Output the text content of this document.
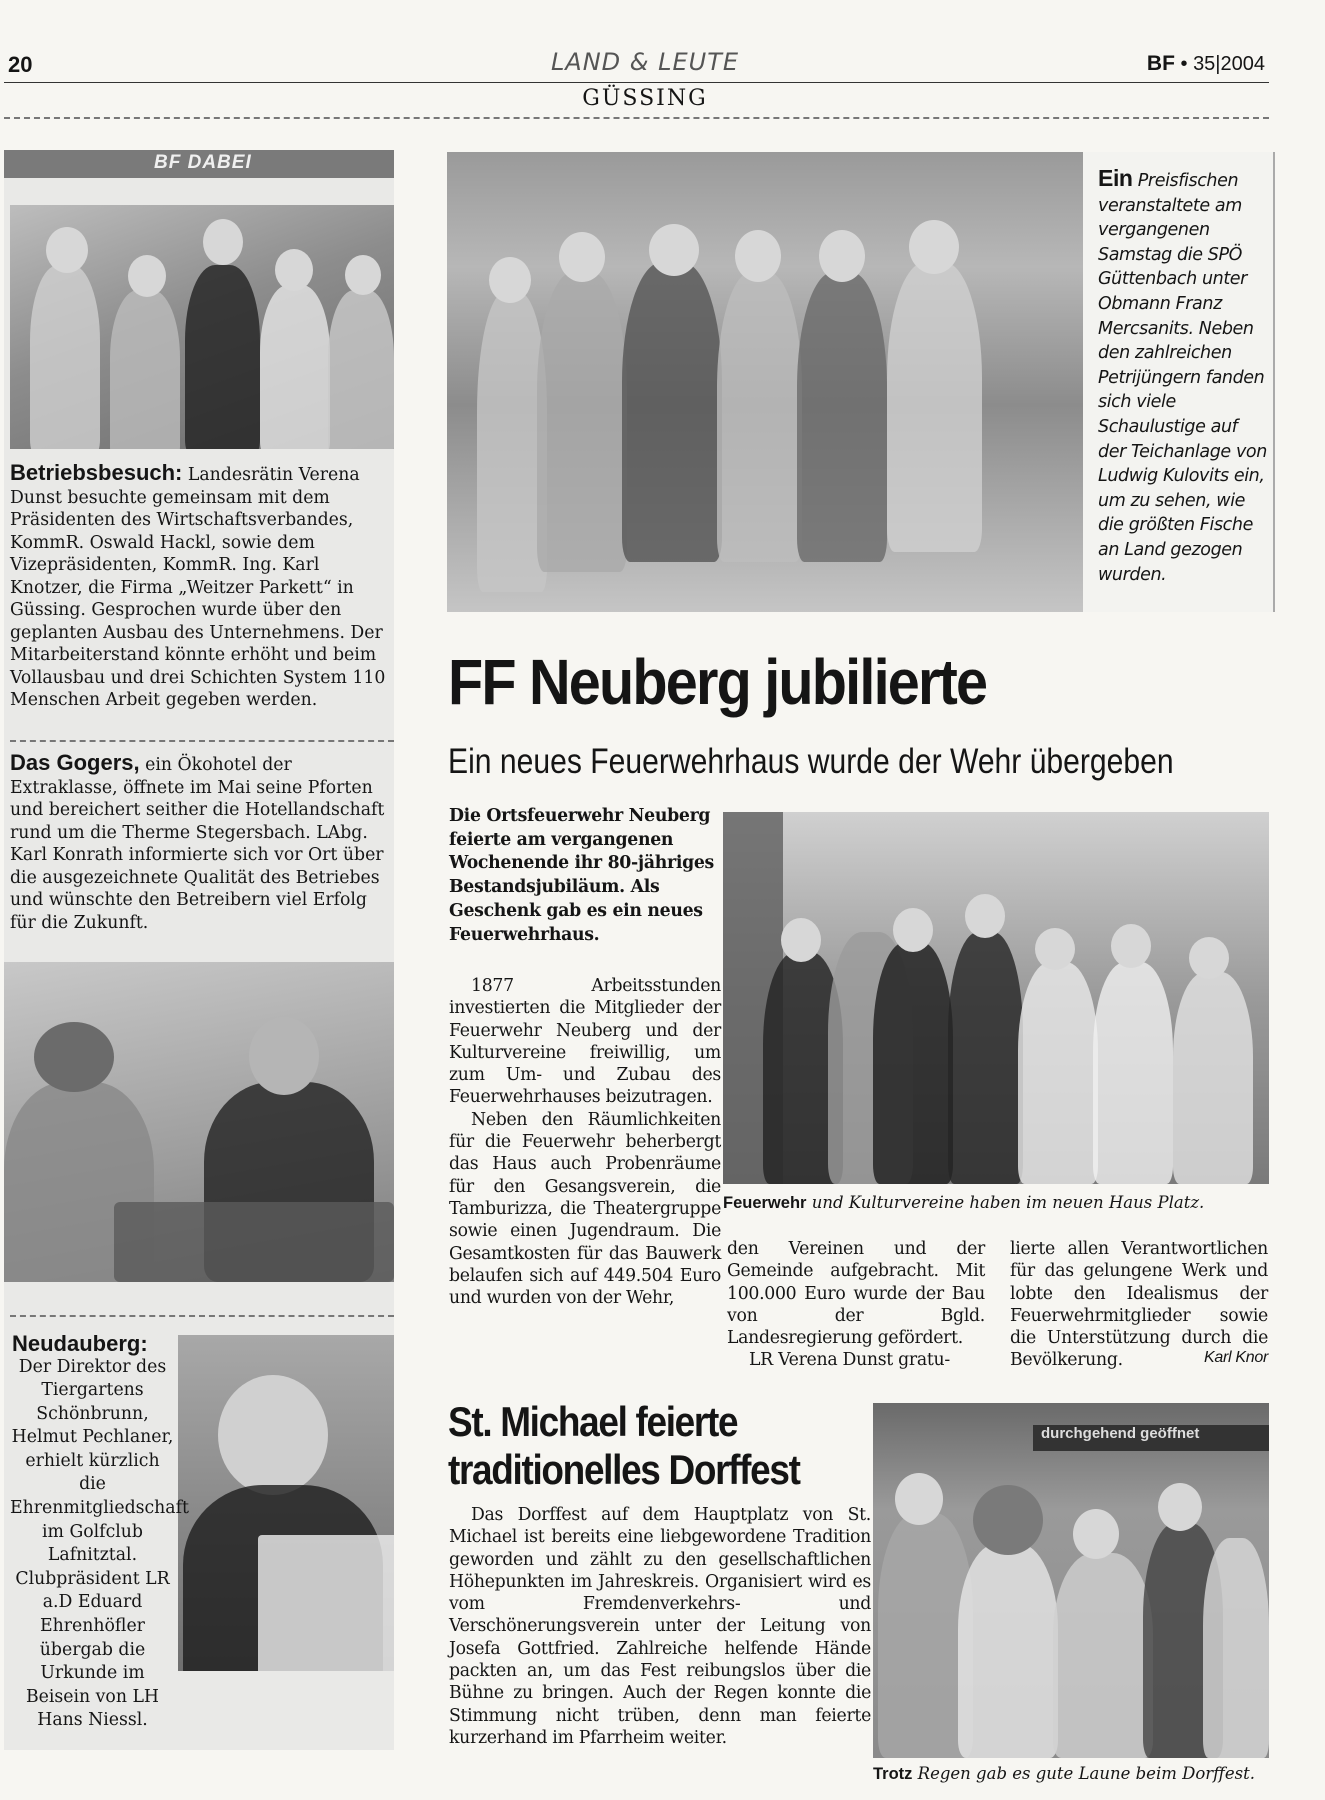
20	LAND & LEUTE	BF • 35|2004
GÜSSING
BF DABEI
Betriebsbesuch: Landesrätin Verena Dunst besuchte gemeinsam mit dem Präsidenten des Wirtschaftsverbandes, KommR. Oswald Hackl, sowie dem Vizepräsidenten, KommR. Ing. Karl Knotzer, die Firma „Weitzer Parkett“ in Güssing. Gesprochen wurde über den geplanten Ausbau des Unternehmens. Der Mitarbeiterstand könnte erhöht und beim Vollausbau und drei Schichten System 110 Menschen Arbeit gegeben werden.
Das Gogers, ein Ökohotel der Extraklasse, öffnete im Mai seine Pforten und bereichert seither die Hotellandschaft rund um die Therme Stegersbach. LAbg. Karl Konrath informierte sich vor Ort über die ausgezeichnete Qualität des Betriebes und wünschte den Betreibern viel Erfolg für die Zukunft.
Neudauberg:
Der Direktor des Tiergartens Schönbrunn, Helmut Pechlaner, erhielt kürzlich die Ehrenmitgliedschaft im Golfclub Lafnitztal. Clubpräsident LR a.D Eduard Ehrenhöfler übergab die Urkunde im Beisein von LH Hans Niessl.
Ein Preisfischen veranstaltete am vergangenen Samstag die SPÖ Güttenbach unter Obmann Franz Mercsanits. Neben den zahlreichen Petrijüngern fanden sich viele Schaulustige auf der Teichanlage von Ludwig Kulovits ein, um zu sehen, wie die größten Fische an Land gezogen wurden.
FF Neuberg jubilierte
Ein neues Feuerwehrhaus wurde der Wehr übergeben
Die Ortsfeuerwehr Neuberg feierte am vergangenen Wochenende ihr 80-jähriges Bestandsjubiläum. Als Geschenk gab es ein neues Feuerwehrhaus.
1877 Arbeitsstunden investierten die Mitglieder der Feuerwehr Neuberg und der Kulturvereine freiwillig, um zum Um- und Zubau des Feuerwehrhauses beizutragen.
Neben den Räumlichkeiten für die Feuerwehr beherbergt das Haus auch Probenräume für den Gesangsverein, die Tamburizza, die Theatergruppe sowie einen Jugendraum. Die Gesamtkosten für das Bauwerk belaufen sich auf 449.504 Euro und wurden von der Wehr,
Feuerwehr und Kulturvereine haben im neuen Haus Platz.
den Vereinen und der Gemeinde aufgebracht. Mit 100.000 Euro wurde der Bau von der Bgld. Landesregierung gefördert.
LR Verena Dunst gratu-
lierte allen Verantwortlichen für das gelungene Werk und lobte den Idealismus der Feuerwehrmitglieder sowie die Unterstützung durch die Bevölkerung.	Karl Knor
St. Michael feierte traditionelles Dorffest
Das Dorffest auf dem Hauptplatz von St. Michael ist bereits eine liebgewordene Tradition geworden und zählt zu den gesellschaftlichen Höhepunkten im Jahreskreis. Organisiert wird es vom Fremdenverkehrs- und Verschönerungsverein unter der Leitung von Josefa Gottfried. Zahlreiche helfende Hände packten an, um das Fest reibungslos über die Bühne zu bringen. Auch der Regen konnte die Stimmung nicht trüben, denn man feierte kurzerhand im Pfarrheim weiter.
durchgehend geöffnet
Trotz Regen gab es gute Laune beim Dorffest.
